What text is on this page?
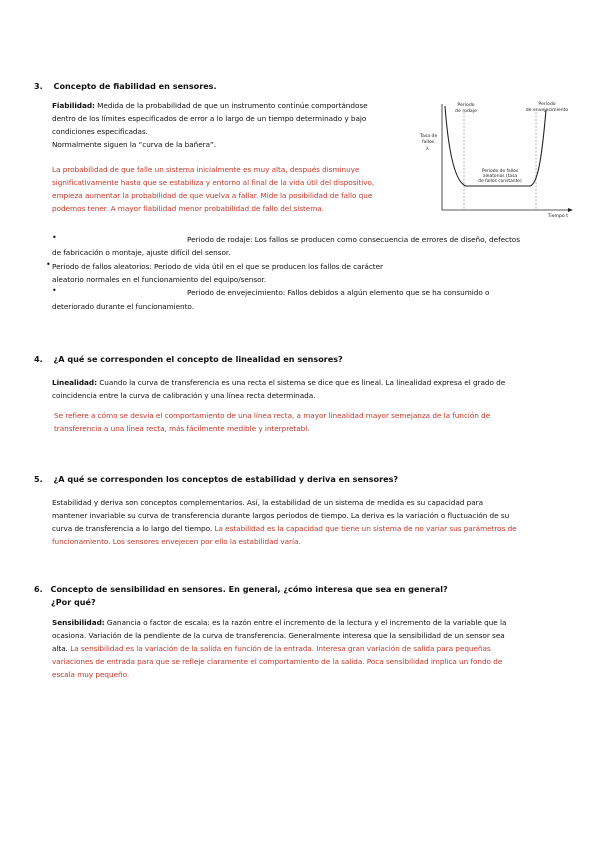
3. Concepto de fiabilidad en sensores.
Fiabilidad: Medida de la probabilidad de que un instrumento continúe comportándose
dentro de los límites especificados de error a lo largo de un tiempo determinado y bajo
condiciones especificadas.
Normalmente siguen la “curva de la bañera”.
La probabilidad de que falle un sistema inicialmente es muy alta, después disminuye
significativamente hasta que se estabiliza y entorno al final de la vida útil del dispositivo,
empieza aumentar la probabilidad de que vuelva a fallar. Mide la posibilidad de fallo que
podemos tener. A mayor fiabilidad menor probabilidad de fallo del sistema.
Periodo
de rodaje
Periodo
de envejecimiento
Tasa de
fallos
λ
Periodo de fallos
aleatorios (tasa
de fallos constante)
Tiempo t
•	Periodo de rodaje: Los fallos se producen como consecuencia de errores de diseño, defectos
de fabricación o montaje, ajuste difícil del sensor.
• Periodo de fallos aleatorios: Periodo de vida útil en el que se producen los fallos de carácter
aleatorio normales en el funcionamiento del equipo/sensor.
•	Periodo de envejecimiento: Fallos debidos a algún elemento que se ha consumido o
deteriorado durante el funcionamiento.
4. ¿A qué se corresponden el concepto de linealidad en sensores?
Linealidad: Cuando la curva de transferencia es una recta el sistema se dice que es lineal. La linealidad expresa el grado de
coincidencia entre la curva de calibración y una línea recta determinada.
Se refiere a cómo se desvía el comportamiento de una línea recta, a mayor linealidad mayor semejanza de la función de
transferencia a una línea recta, más fácilmente medible y interpretabl.
5. ¿A qué se corresponden los conceptos de estabilidad y deriva en sensores?
Estabilidad y deriva son conceptos complementarios. Así, la estabilidad de un sistema de medida es su capacidad para
mantener invariable su curva de transferencia durante largos periodos de tiempo. La deriva es la variación o fluctuación de su
curva de transferencia a lo largo del tiempo. La estabilidad es la capacidad que tiene un sistema de no variar sus parámetros de
funcionamiento. Los sensores envejecen por ello la estabilidad varía.
6. Concepto de sensibilidad en sensores. En general, ¿cómo interesa que sea en general?
¿Por qué?
Sensibilidad: Ganancia o factor de escala: es la razón entre el incremento de la lectura y el incremento de la variable que la
ocasiona. Variación de la pendiente de la curva de transferencia. Generalmente interesa que la sensibilidad de un sensor sea
alta. La sensibilidad es la variación de la salida en función de la entrada. Interesa gran variación de salida para pequeñas
variaciones de entrada para que se refleje claramente el comportamiento de la salida. Poca sensibilidad implica un fondo de
escala muy pequeño.
